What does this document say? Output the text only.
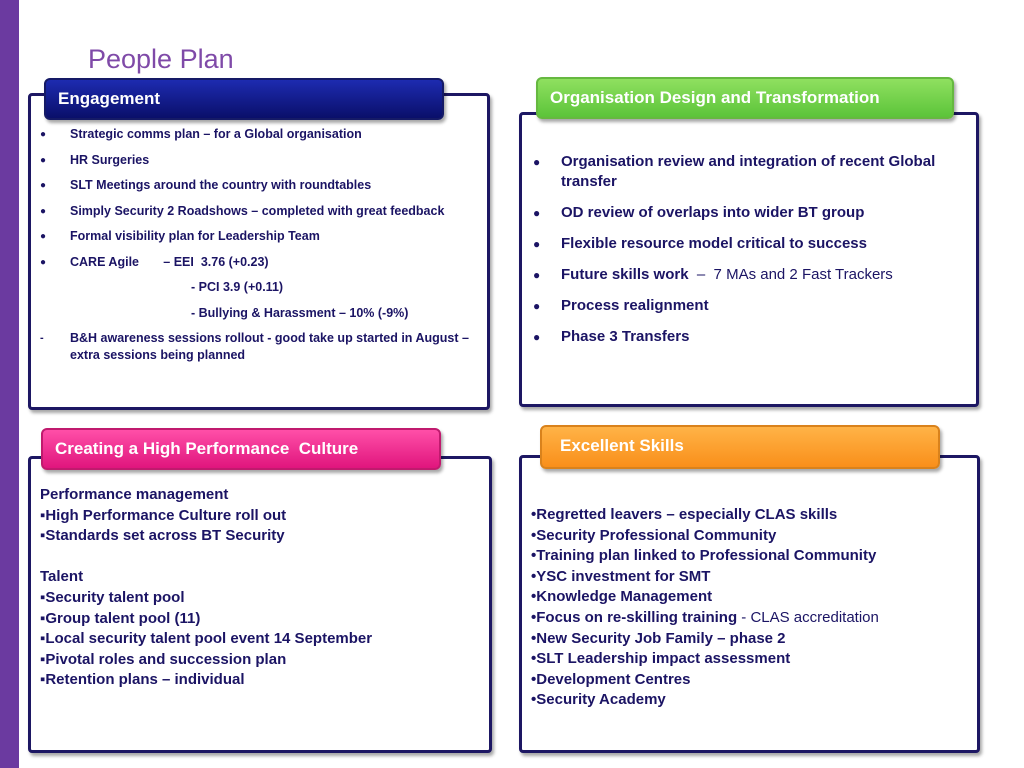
People Plan
● Strategic comms plan – for a Global organisation
● HR Surgeries
● SLT Meetings around the country with roundtables
● Simply Security 2 Roadshows – completed with great feedback
● Formal visibility plan for Leadership Team
● CARE Agile       – EEI  3.76 (+0.23)
- PCI 3.9 (+0.11)
- Bullying & Harassment – 10% (-9%)
- B&H awareness sessions rollout - good take up started in August – extra sessions being planned
Engagement
● Organisation review and integration of recent Global transfer
● OD review of overlaps into wider BT group
● Flexible resource model critical to success
● Future skills work  –  7 MAs and 2 Fast Trackers
● Process realignment
● Phase 3 Transfers
Organisation Design and Transformation
Performance management
▪High Performance Culture roll out
▪Standards set across BT Security
Talent
▪Security talent pool
▪Group talent pool (11)
▪Local security talent pool event 14 September
▪Pivotal roles and succession plan
▪Retention plans – individual
Creating a High Performance  Culture
•Regretted leavers – especially CLAS skills
•Security Professional Community
•Training plan linked to Professional Community
•YSC investment for SMT
•Knowledge Management
•Focus on re-skilling training - CLAS accreditation
•New Security Job Family – phase 2
•SLT Leadership impact assessment
•Development Centres
•Security Academy
Excellent Skills
